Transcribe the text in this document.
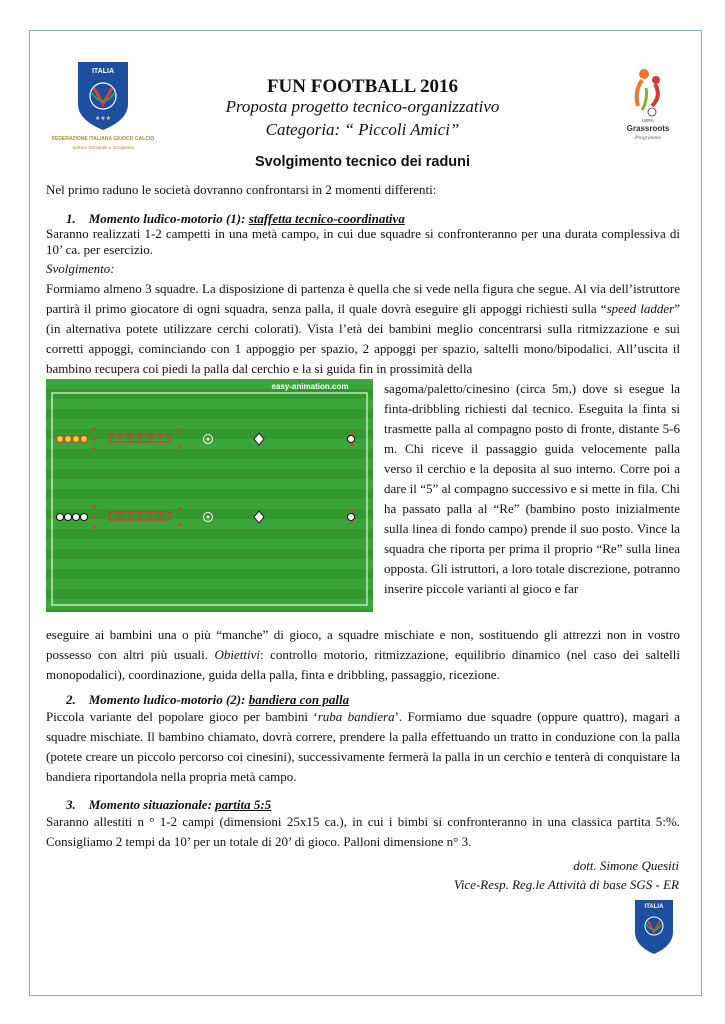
ITALIA
★★★
FEDERAZIONE ITALIANA GIUOCO CALCIO
Settore Giovanile e Scolastico
UEFA
Grassroots
Programme
FUN FOOTBALL 2016
Proposta progetto tecnico-organizzativo
Categoria: “ Piccoli Amici”
Svolgimento tecnico dei raduni
Nel primo raduno le società dovranno confrontarsi in 2 momenti differenti:
1. Momento ludico-motorio (1): staffetta tecnico-coordinativa
Saranno realizzati 1-2 campetti in una metà campo, in cui due squadre si confronteranno per una durata complessiva di 10’ ca. per esercizio.
Svolgimento:
Formiamo almeno 3 squadre. La disposizione di partenza è quella che si vede nella figura che segue. Al via dell’istruttore partirà il primo giocatore di ogni squadra, senza palla, il quale dovrà eseguire gli appoggi richiesti sulla “speed ladder” (in alternativa potete utilizzare cerchi colorati). Vista l’età dei bambini meglio concentrarsi sulla ritmizzazione e sui corretti appoggi, cominciando con 1 appoggio per spazio, 2 appoggi per spazio, saltelli mono/bipodalici. All’uscita il bambino recupera coi piedi la palla dal cerchio e la si guida fin in prossimità della
easy-animation.com	sagoma/paletto/cinesino (circa 5m,) dove si esegue la finta-dribbling richiesti dal tecnico. Eseguita la finta si trasmette palla al compagno posto di fronte, distante 5-6 m. Chi riceve il passaggio guida velocemente palla verso il cerchio e la deposita al suo interno. Corre poi a dare il “5” al compagno successivo e si mette in fila. Chi ha passato palla al “Re” (bambino posto inizialmente sulla linea di fondo campo) prende il suo posto. Vince la squadra che riporta per prima il proprio “Re” sulla linea opposta. Gli istruttori, a loro totale discrezione, potranno inserire piccole varianti al gioco e far
eseguire ai bambini una o più “manche” di gioco, a squadre mischiate e non, sostituendo gli attrezzi non in vostro possesso con altri più usuali. Obiettivi: controllo motorio, ritmizzazione, equilibrio dinamico (nel caso dei saltelli monopodalici), coordinazione, guida della palla, finta e dribbling, passaggio, ricezione.
2. Momento ludico-motorio (2): bandiera con palla
Piccola variante del popolare gioco per bambini ‘ruba bandiera’. Formiamo due squadre (oppure quattro), magari a squadre mischiate. Il bambino chiamato, dovrà correre, prendere la palla effettuando un tratto in conduzione con la palla (potete creare un piccolo percorso coi cinesini), successivamente fermerà la palla in un cerchio e tenterà di conquistare la bandiera riportandola nella propria metà campo.
3. Momento situazionale: partita 5:5
Saranno allestiti n ° 1-2 campi (dimensioni 25x15 ca.), in cui i bimbi si confronteranno in una classica partita 5:%. Consigliamo 2 tempi da 10’ per un totale di 20’ di gioco. Palloni dimensione n° 3.
dott. Simone Quesiti
Vice-Resp. Reg.le Attività di base SGS - ER
ITALIA
